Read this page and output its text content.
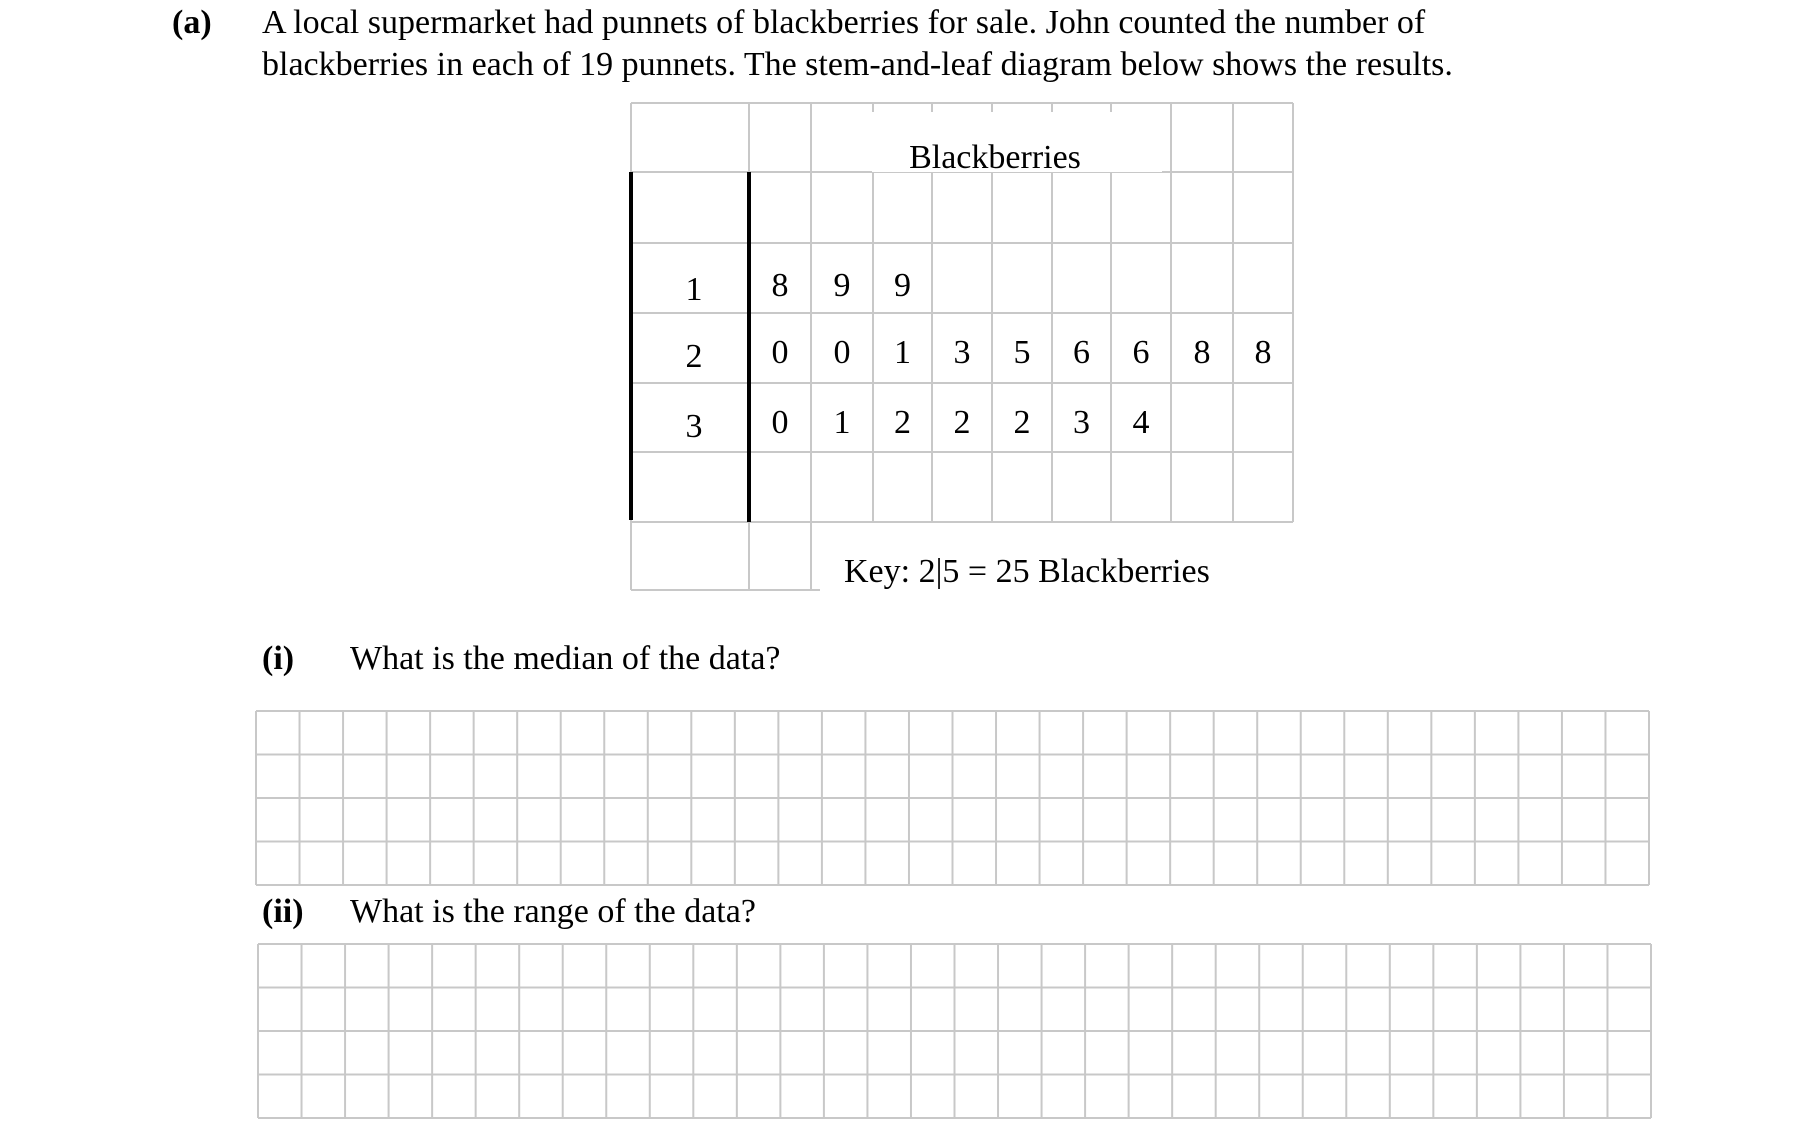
(a) A local supermarket had punnets of blackberries for sale. John counted the number of
blackberries in each of 19 punnets. The stem-and-leaf diagram below shows the results.
Blackberries
1 8 9 9
2 0 0 1 3 5 6 6 8 8
3 0 1 2 2 2 3 4
Key: 2|5 = 25 Blackberries
(i) What is the median of the data?
(ii) What is the range of the data?
